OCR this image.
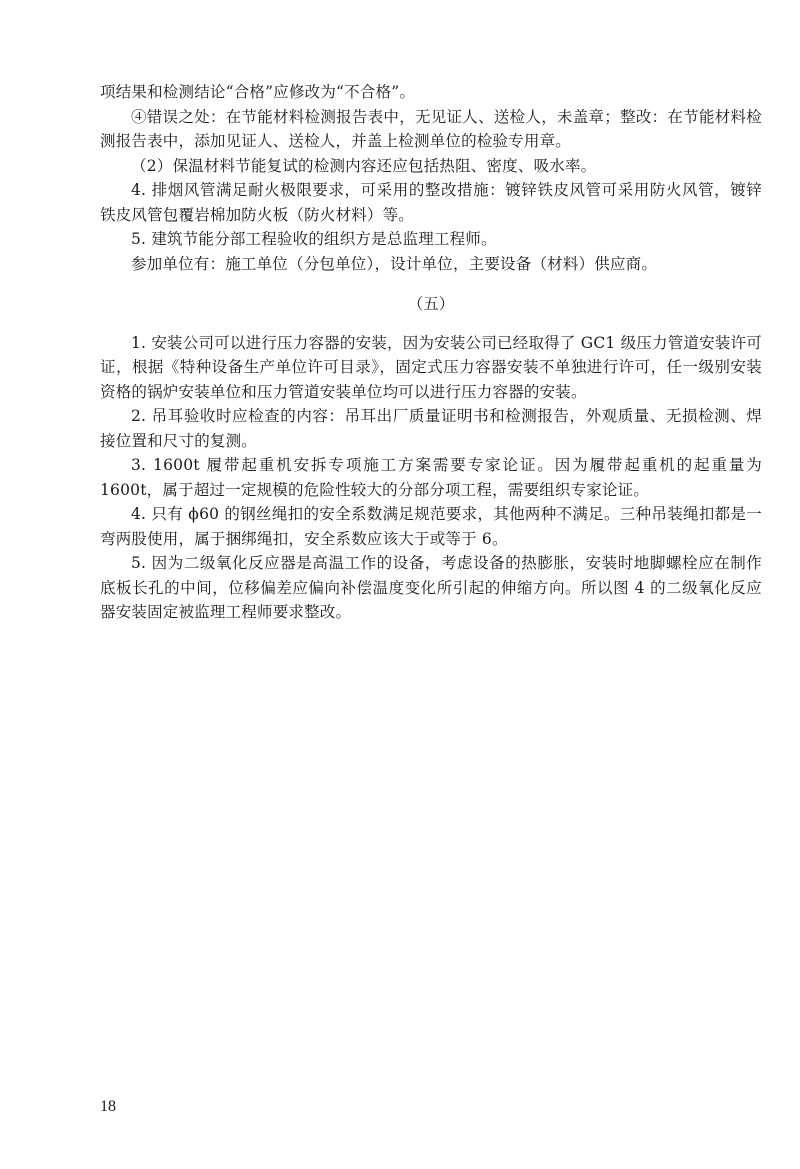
项结果和检测结论“合格”应修改为“不合格”。

④错误之处：在节能材料检测报告表中，无见证人、送检人，未盖章；整改：在节能材料检测报告表中，添加见证人、送检人，并盖上检测单位的检验专用章。

（2）保温材料节能复试的检测内容还应包括热阻、密度、吸水率。

4. 排烟风管满足耐火极限要求，可采用的整改措施：镀锌铁皮风管可采用防火风管，镀锌铁皮风管包覆岩棉加防火板（防火材料）等。

5. 建筑节能分部工程验收的组织方是总监理工程师。

参加单位有：施工单位（分包单位），设计单位，主要设备（材料）供应商。

（五）

1. 安装公司可以进行压力容器的安装，因为安装公司已经取得了 GC1 级压力管道安装许可证，根据《特种设备生产单位许可目录》，固定式压力容器安装不单独进行许可，任一级别安装资格的锅炉安装单位和压力管道安装单位均可以进行压力容器的安装。

2. 吊耳验收时应检查的内容：吊耳出厂质量证明书和检测报告，外观质量、无损检测、焊接位置和尺寸的复测。

3. 1600t 履带起重机安拆专项施工方案需要专家论证。因为履带起重机的起重量为1600t，属于超过一定规模的危险性较大的分部分项工程，需要组织专家论证。

4. 只有 ϕ60 的钢丝绳扣的安全系数满足规范要求，其他两种不满足。三种吊装绳扣都是一弯两股使用，属于捆绑绳扣，安全系数应该大于或等于 6。

5. 因为二级氧化反应器是高温工作的设备，考虑设备的热膨胀，安装时地脚螺栓应在制作底板长孔的中间，位移偏差应偏向补偿温度变化所引起的伸缩方向。所以图 4 的二级氧化反应器安装固定被监理工程师要求整改。

18
